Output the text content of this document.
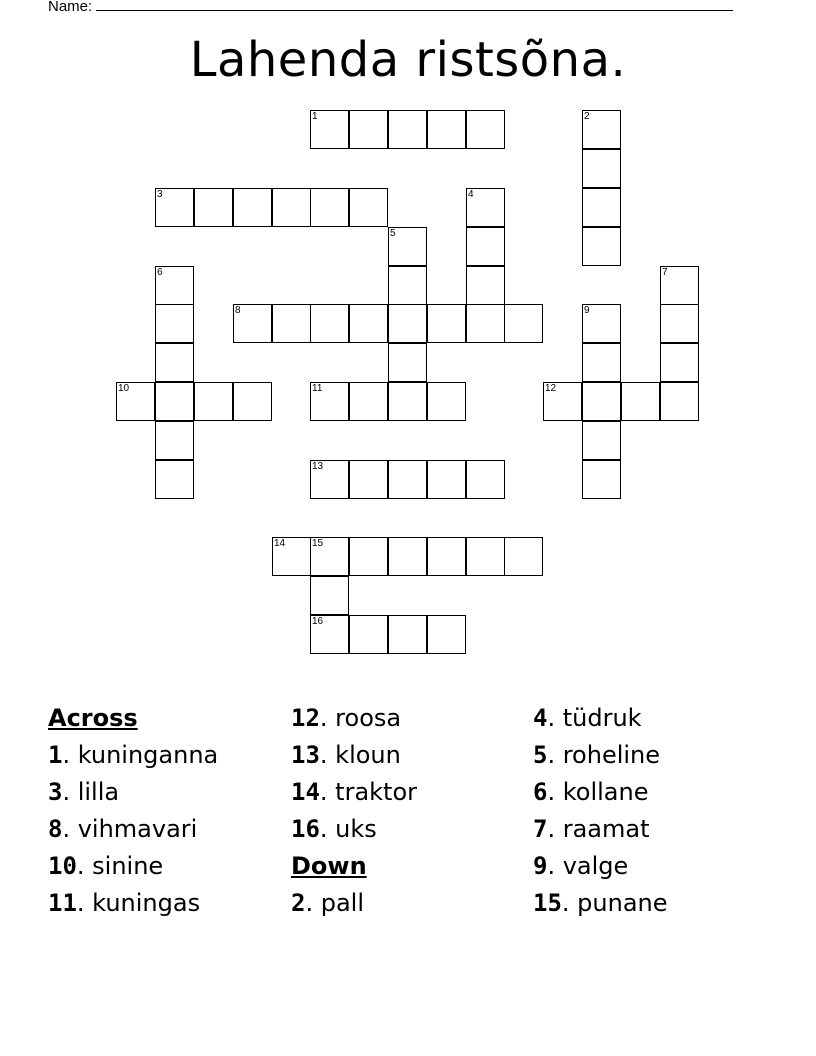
Name:
Lahenda ristsõna.
1	2
3	4
5
6	7
8	9
10	11	12
13
14	15
16
Across
1. kuninganna
3. lilla
8. vihmavari
10. sinine
11. kuningas
12. roosa
13. kloun
14. traktor
16. uks
Down
2. pall
4. tüdruk
5. roheline
6. kollane
7. raamat
9. valge
15. punane
